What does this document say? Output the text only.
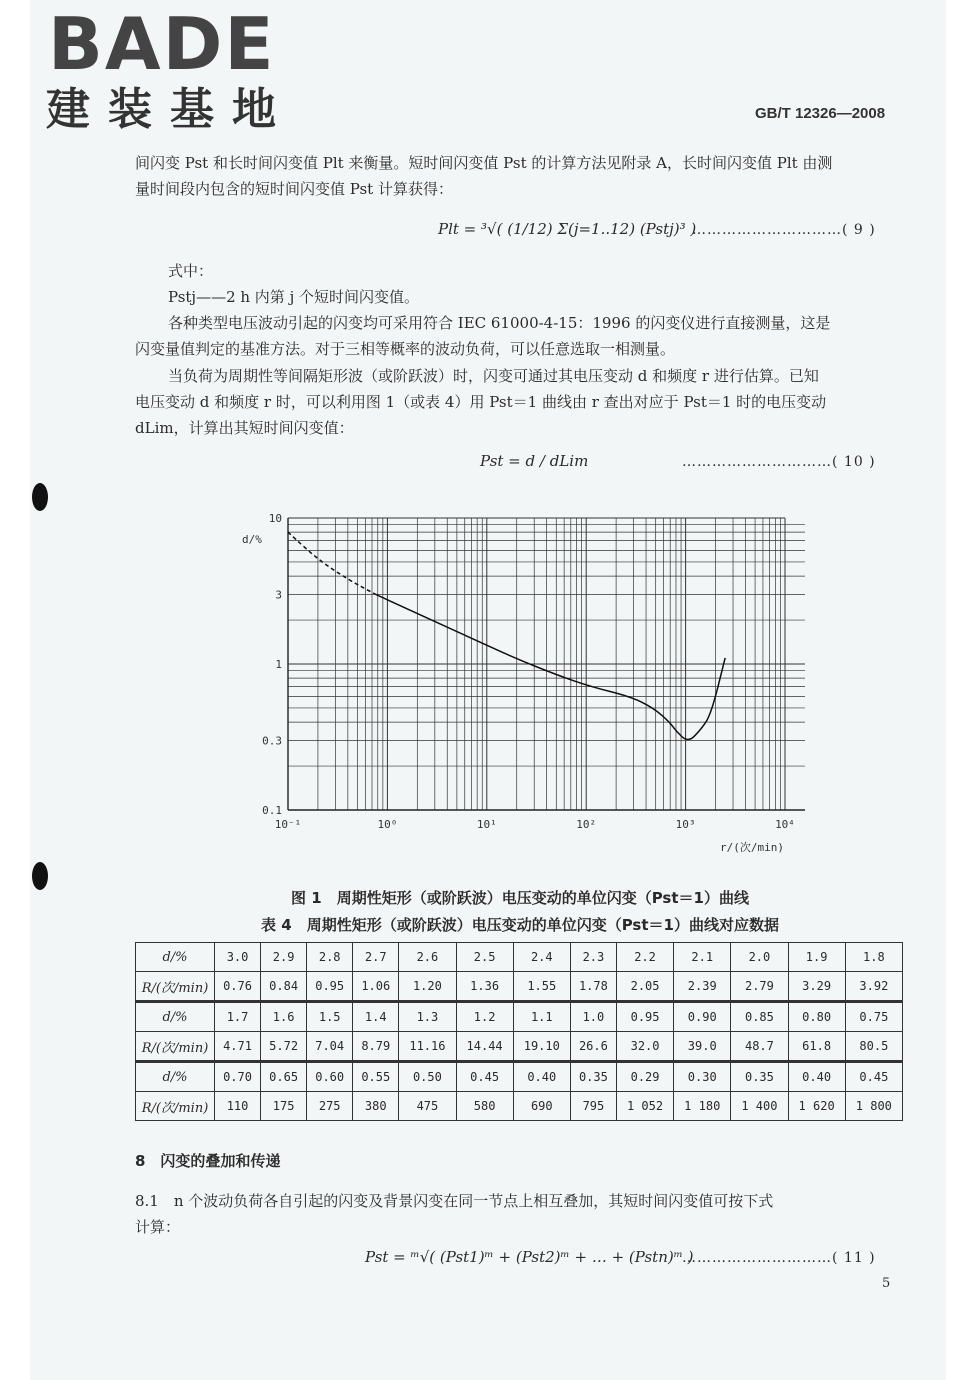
BADE
建装基地	GB/T 12326—2008
间闪变 Pst 和长时间闪变值 Plt 来衡量。短时间闪变值 Pst 的计算方法见附录 A，长时间闪变值 Plt 由测
量时间段内包含的短时间闪变值 Pst 计算获得：
Plt = ³√( (1/12) Σ(j=1..12) (Pstj)³ )
…………………………( 9 )
式中：
Pstj——2 h 内第 j 个短时间闪变值。
各种类型电压波动引起的闪变均可采用符合 IEC 61000-4-15：1996 的闪变仪进行直接测量，这是
闪变量值判定的基准方法。对于三相等概率的波动负荷，可以任意选取一相测量。
当负荷为周期性等间隔矩形波（或阶跃波）时，闪变可通过其电压变动 d 和频度 r 进行估算。已知
电压变动 d 和频度 r 时，可以利用图 1（或表 4）用 Pst＝1 曲线由 r 查出对应于 Pst＝1 时的电压变动
dLim，计算出其短时间闪变值：
Pst = d / dLim	…………………………( 10 )
10⁻¹	10⁰	10¹	10²	10³	10⁴
10
3
1
0.3
0.1
d/%
r/(次/min)
图 1　周期性矩形（或阶跃波）电压变动的单位闪变（Pst＝1）曲线
表 4　周期性矩形（或阶跃波）电压变动的单位闪变（Pst＝1）曲线对应数据
d/%	3.0	2.9	2.8	2.7	2.6	2.5	2.4	2.3	2.2	2.1	2.0	1.9	1.8
R/(次/min)	0.76	0.84	0.95	1.06	1.20	1.36	1.55	1.78	2.05	2.39	2.79	3.29	3.92
d/%	1.7	1.6	1.5	1.4	1.3	1.2	1.1	1.0	0.95	0.90	0.85	0.80	0.75
R/(次/min)	4.71	5.72	7.04	8.79	11.16	14.44	19.10	26.6	32.0	39.0	48.7	61.8	80.5
d/%	0.70	0.65	0.60	0.55	0.50	0.45	0.40	0.35	0.29	0.30	0.35	0.40	0.45
R/(次/min)	110	175	275	380	475	580	690	795	1 052	1 180	1 400	1 620	1 800
8　闪变的叠加和传递
8.1　n 个波动负荷各自引起的闪变及背景闪变在同一节点上相互叠加，其短时间闪变值可按下式
计算：
Pst = ᵐ√( (Pst1)ᵐ + (Pst2)ᵐ + … + (Pstn)ᵐ )
…………………………( 11 )
5
